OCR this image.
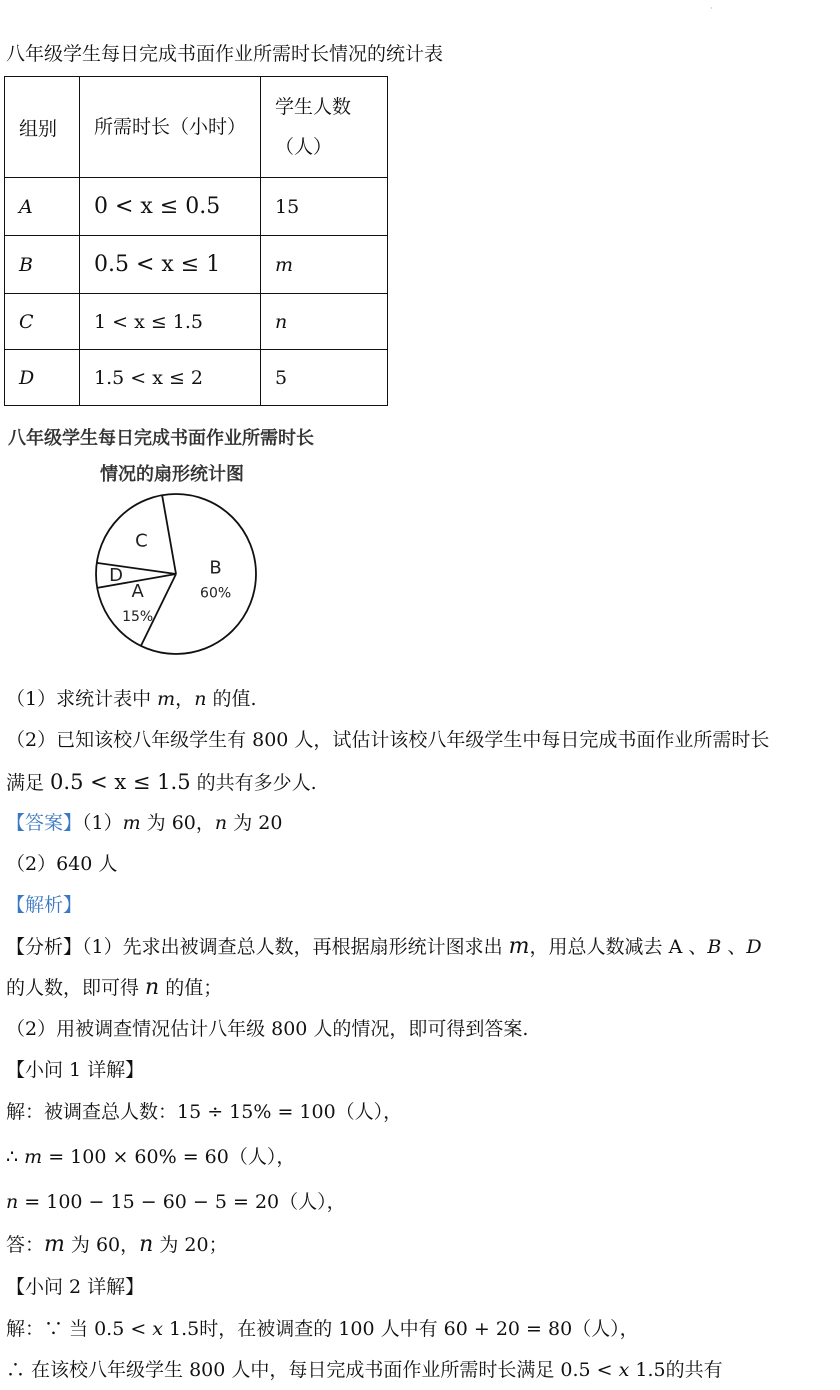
·
八年级学生每日完成书面作业所需时长情况的统计表
组别	所需时长（小时）	学生人数（人）
A	0 < x ≤ 0.5	15
B	0.5 < x ≤ 1	m
C	1 < x ≤ 1.5	n
D	1.5 < x ≤ 2	5
八年级学生每日完成书面作业所需时长
情况的扇形统计图
B
60%
C
D
A
15%
（1）求统计表中 m，n 的值.
（2）已知该校八年级学生有 800 人，试估计该校八年级学生中每日完成书面作业所需时长
满足 0.5 < x ≤ 1.5 的共有多少人.
【答案】（1）m 为 60，n 为 20
（2）640 人
【解析】
【分析】（1）先求出被调查总人数，再根据扇形统计图求出 m，用总人数减去 A 、B 、D
的人数，即可得 n 的值；
（2）用被调查情况估计八年级 800 人的情况，即可得到答案.
【小问 1 详解】
解：被调查总人数：15 ÷ 15% = 100（人），
∴ m = 100 × 60% = 60（人），
n = 100 − 15 − 60 − 5 = 20（人），
答：m 为 60，n 为 20；
【小问 2 详解】
解：∵ 当 0.5 < x 1.5时，在被调查的 100 人中有 60 + 20 = 80（人），
∴ 在该校八年级学生 800 人中，每日完成书面作业所需时长满足 0.5 < x 1.5的共有
